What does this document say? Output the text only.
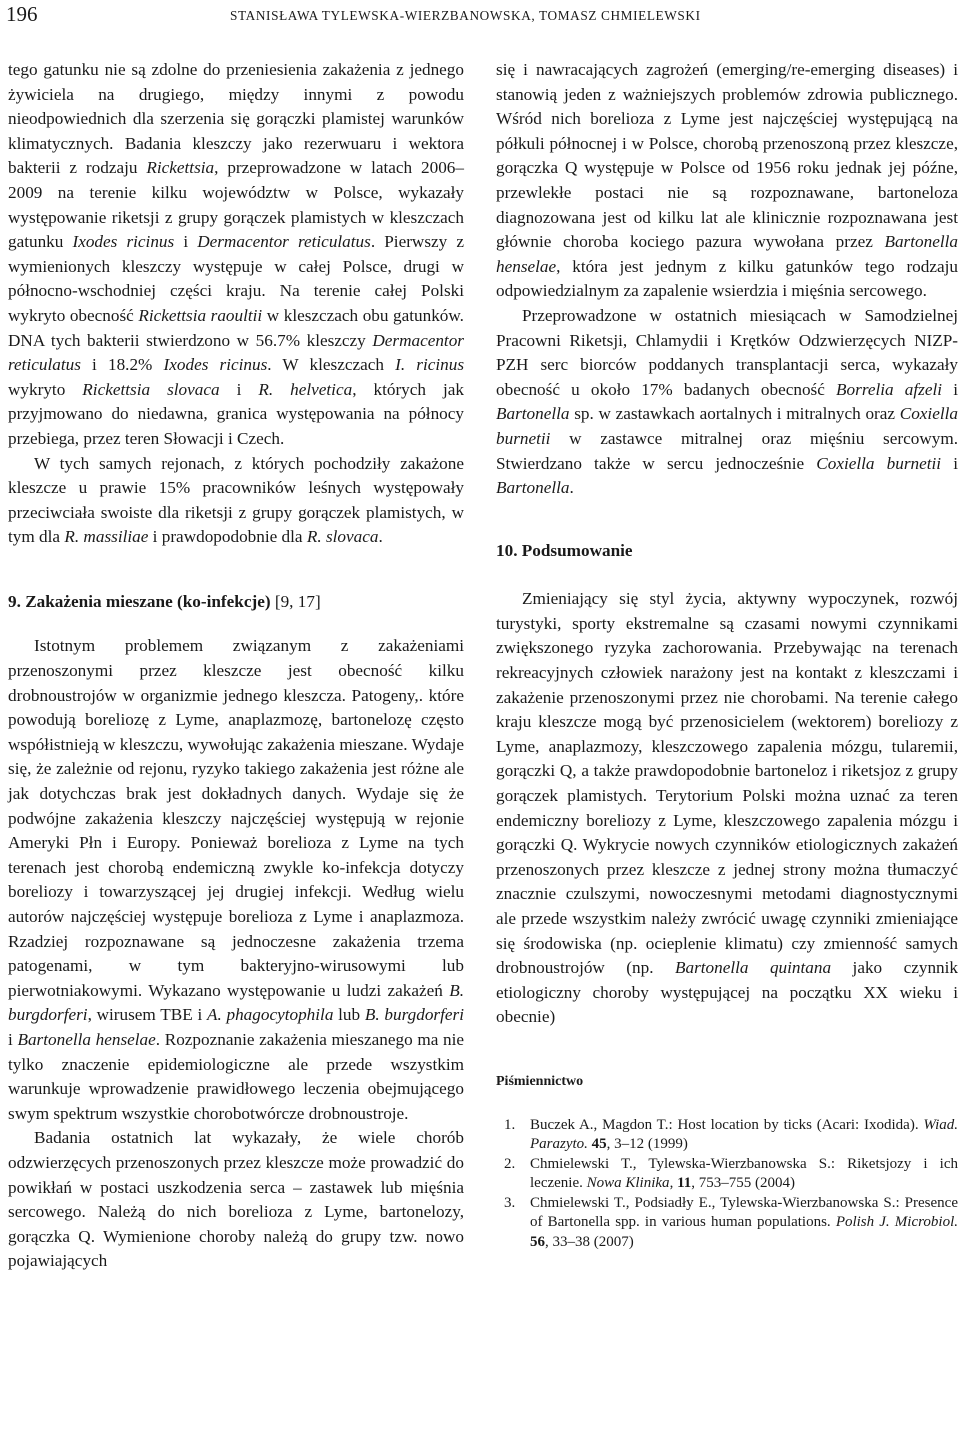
196	STANISŁAWA TYLEWSKA-WIERZBANOWSKA, TOMASZ CHMIELEWSKI

tego gatunku nie są zdolne do przeniesienia zakażenia z jednego żywiciela na drugiego, między innymi z powodu nieodpowiednich dla szerzenia się gorączki plamistej warunków klimatycznych. Badania kleszczy jako rezerwuaru i wektora bakterii z rodzaju Rickettsia, przeprowadzone w latach 2006–2009 na terenie kilku województw w Polsce, wykazały występowanie riketsji z grupy gorączek plamistych w kleszczach gatunku Ixodes ricinus i Dermacentor reticulatus. Pierwszy z wymienionych kleszczy występuje w całej Polsce, drugi w północno-wschodniej części kraju. Na terenie całej Polski wykryto obecność Rickettsia raoultii w kleszczach obu gatunków. DNA tych bakterii stwierdzono w 56.7% kleszczy Dermacentor reticulatus i 18.2% Ixodes ricinus. W kleszczach I. ricinus wykryto Rickettsia slovaca i R. helvetica, których jak przyjmowano do niedawna, granica występowania na północy przebiega, przez teren Słowacji i Czech.

W tych samych rejonach, z których pochodziły zakażone kleszcze u prawie 15% pracowników leśnych występowały przeciwciała swoiste dla riketsji z grupy gorączek plamistych, w tym dla R. massiliae i prawdopodobnie dla R. slovaca.

9. Zakażenia mieszane (ko-infekcje) [9, 17]

Istotnym problemem związanym z zakażeniami przenoszonymi przez kleszcze jest obecność kilku drobnoustrojów w organizmie jednego kleszcza. Patogeny,. które powodują boreliozę z Lyme, anaplazmozę, bartonelozę często współistnieją w kleszczu, wywołując zakażenia mieszane. Wydaje się, że zależnie od rejonu, ryzyko takiego zakażenia jest różne ale jak dotychczas brak jest dokładnych danych. Wydaje się że podwójne zakażenia kleszczy najczęściej występują w rejonie Ameryki Płn i Europy. Ponieważ borelioza z Lyme na tych terenach jest chorobą endemiczną zwykle ko-infekcja dotyczy boreliozy i towarzyszącej jej drugiej infekcji. Według wielu autorów najczęściej występuje borelioza z Lyme i anaplazmoza. Rzadziej rozpoznawane są jednoczesne zakażenia trzema patogenami, w tym bakteryjno-wirusowymi lub pierwotniakowymi. Wykazano występowanie u ludzi zakażeń B. burgdorferi, wirusem TBE i A. phagocytophila lub B. burgdorferi i Bartonella henselae. Rozpoznanie zakażenia mieszanego ma nie tylko znaczenie epidemiologiczne ale przede wszystkim warunkuje wprowadzenie prawidłowego leczenia obejmującego swym spektrum wszystkie chorobotwórcze drobnoustroje.

Badania ostatnich lat wykazały, że wiele chorób odzwierzęcych przenoszonych przez kleszcze może prowadzić do powikłań w postaci uszkodzenia serca – zastawek lub mięśnia sercowego. Należą do nich borelioza z Lyme, bartonelozy, gorączka Q. Wymienione choroby należą do grupy tzw. nowo pojawiających

się i nawracających zagrożeń (emerging/re-emerging diseases) i stanowią jeden z ważniejszych problemów zdrowia publicznego. Wśród nich borelioza z Lyme jest najczęściej występującą na półkuli północnej i w Polsce, chorobą przenoszoną przez kleszcze, gorączka Q występuje w Polsce od 1956 roku jednak jej późne, przewlekłe postaci nie są rozpoznawane, bartoneloza diagnozowana jest od kilku lat ale klinicznie rozpoznawana jest głównie choroba kociego pazura wywołana przez Bartonella henselae, która jest jednym z kilku gatunków tego rodzaju odpowiedzialnym za zapalenie wsierdzia i mięśnia sercowego.

Przeprowadzone w ostatnich miesiącach w Samodzielnej Pracowni Riketsji, Chlamydii i Krętków Odzwierzęcych NIZP-PZH serc biorców poddanych transplantacji serca, wykazały obecność u około 17% badanych obecność Borrelia afzeli i Bartonella sp. w zastawkach aortalnych i mitralnych oraz Coxiella burnetii w zastawce mitralnej oraz mięśniu sercowym. Stwierdzano także w sercu jednocześnie Coxiella burnetii i Bartonella.

10. Podsumowanie

Zmieniający się styl życia, aktywny wypoczynek, rozwój turystyki, sporty ekstremalne są czasami nowymi czynnikami zwiększonego ryzyka zachorowania. Przebywając na terenach rekreacyjnych człowiek narażony jest na kontakt z kleszczami i zakażenie przenoszonymi przez nie chorobami. Na terenie całego kraju kleszcze mogą być przenosicielem (wektorem) boreliozy z Lyme, anaplazmozy, kleszczowego zapalenia mózgu, tularemii, gorączki Q, a także prawdopodobnie bartoneloz i riketsjoz z grupy gorączek plamistych. Terytorium Polski można uznać za teren endemiczny boreliozy z Lyme, kleszczowego zapalenia mózgu i gorączki Q. Wykrycie nowych czynników etiologicznych zakażeń przenoszonych przez kleszcze z jednej strony można tłumaczyć znacznie czulszymi, nowoczesnymi metodami diagnostycznymi ale przede wszystkim należy zwrócić uwagę czynniki zmieniające się środowiska (np. ocieplenie klimatu) czy zmienność samych drobnoustrojów (np. Bartonella quintana jako czynnik etiologiczny choroby występującej na początku XX wieku i obecnie)

Piśmiennictwo
1. Buczek A., Magdon T.: Host location by ticks (Acari: Ixodida). Wiad. Parazyto. 45, 3–12 (1999)
2. Chmielewski T., Tylewska-Wierzbanowska S.: Riketsjozy i ich leczenie. Nowa Klinika, 11, 753–755 (2004)
3. Chmielewski T., Podsiadły E., Tylewska-Wierzbanowska S.: Presence of Bartonella spp. in various human populations. Polish J. Microbiol. 56, 33–38 (2007)
